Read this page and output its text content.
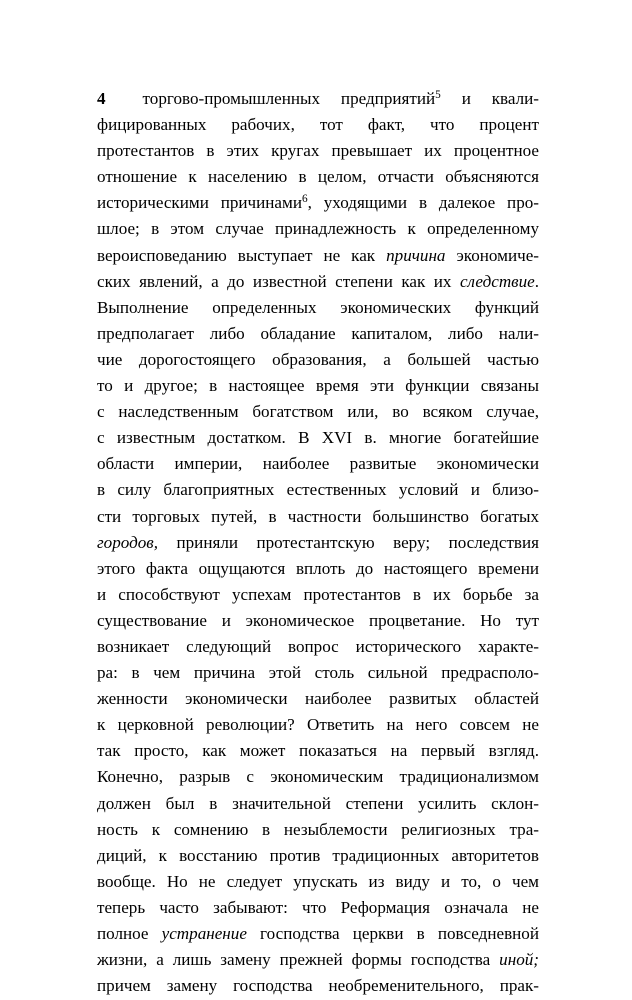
4 торгово-промышленных предприятий$^5$ и квали-
фицированных рабочих, тот факт, что процент
протестантов в этих кругах превышает их процентное
отношение к населению в целом, отчасти объясняются
историческими причинами$^6$, уходящими в далекое про-
шлое; в этом случае принадлежность к определенному
вероисповеданию выступает не как причина экономиче-
ских явлений, а до известной степени как их следствие.
Выполнение определенных экономических функций
предполагает либо обладание капиталом, либо нали-
чие дорогостоящего образования, а большей частью
то и другое; в настоящее время эти функции связаны
с наследственным богатством или, во всяком случае,
с известным достатком. В XVI в. многие богатейшие
области империи, наиболее развитые экономически
в силу благоприятных естественных условий и близо-
сти торговых путей, в частности большинство богатых
городов, приняли протестантскую веру; последствия
этого факта ощущаются вплоть до настоящего времени
и способствуют успехам протестантов в их борьбе за
существование и экономическое процветание. Но тут
возникает следующий вопрос исторического характе-
ра: в чем причина этой столь сильной предрасполо-
женности экономически наиболее развитых областей
к церковной революции? Ответить на него совсем не
так просто, как может показаться на первый взгляд.
Конечно, разрыв с экономическим традиционализмом
должен был в значительной степени усилить склон-
ность к сомнению в незыблемости религиозных тра-
диций, к восстанию против традиционных авторитетов
вообще. Но не следует упускать из виду и то, о чем
теперь часто забывают: что Реформация означала не
полное устранение господства церкви в повседневной
жизни, а лишь замену прежней формы господства иной;
причем замену господства необременительного, прак-
